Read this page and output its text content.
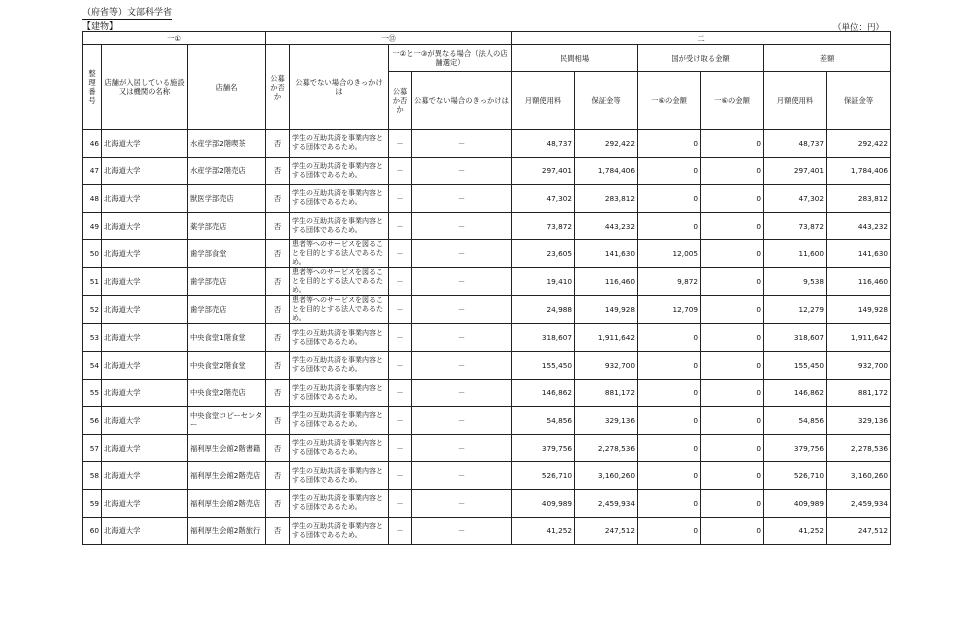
（府省等）文部科学省
【建物】	（単位：円）
一①			一⑬				二					
整理番号	店舗が入居している施設又は機関の名称	店舗名	公募か否か	公募でない場合のきっかけは	一②と一③が異なる場合（法人の店舗選定）		民間相場		国が受け取る金額		差額	
					公募か否か	公募でない場合のきっかけは	月額使用料	保証金等	一⑥の金額	一⑥の金額	月額使用料	保証金等
46	北海道大学	水産学部2階喫茶	否	学生の互助共済を事業内容とする団体であるため。	－	－	48,737	292,422	0	0	48,737	292,422
47	北海道大学	水産学部2階売店	否	学生の互助共済を事業内容とする団体であるため。	－	－	297,401	1,784,406	0	0	297,401	1,784,406
48	北海道大学	獣医学部売店	否	学生の互助共済を事業内容とする団体であるため。	－	－	47,302	283,812	0	0	47,302	283,812
49	北海道大学	薬学部売店	否	学生の互助共済を事業内容とする団体であるため。	－	－	73,872	443,232	0	0	73,872	443,232
50	北海道大学	歯学部食堂	否	患者等へのサービスを図ることを目的とする法人であるため。	－	－	23,605	141,630	12,005	0	11,600	141,630
51	北海道大学	歯学部売店	否	患者等へのサービスを図ることを目的とする法人であるため。	－	－	19,410	116,460	9,872	0	9,538	116,460
52	北海道大学	歯学部売店	否	患者等へのサービスを図ることを目的とする法人であるため。	－	－	24,988	149,928	12,709	0	12,279	149,928
53	北海道大学	中央食堂1階食堂	否	学生の互助共済を事業内容とする団体であるため。	－	－	318,607	1,911,642	0	0	318,607	1,911,642
54	北海道大学	中央食堂2階食堂	否	学生の互助共済を事業内容とする団体であるため。	－	－	155,450	932,700	0	0	155,450	932,700
55	北海道大学	中央食堂2階売店	否	学生の互助共済を事業内容とする団体であるため。	－	－	146,862	881,172	0	0	146,862	881,172
56	北海道大学	中央食堂コピーセンター	否	学生の互助共済を事業内容とする団体であるため。	－	－	54,856	329,136	0	0	54,856	329,136
57	北海道大学	福利厚生会館2階書籍	否	学生の互助共済を事業内容とする団体であるため。	－	－	379,756	2,278,536	0	0	379,756	2,278,536
58	北海道大学	福利厚生会館2階売店	否	学生の互助共済を事業内容とする団体であるため。	－	－	526,710	3,160,260	0	0	526,710	3,160,260
59	北海道大学	福利厚生会館2階売店	否	学生の互助共済を事業内容とする団体であるため。	－	－	409,989	2,459,934	0	0	409,989	2,459,934
60	北海道大学	福利厚生会館2階旅行	否	学生の互助共済を事業内容とする団体であるため。	－	－	41,252	247,512	0	0	41,252	247,512
